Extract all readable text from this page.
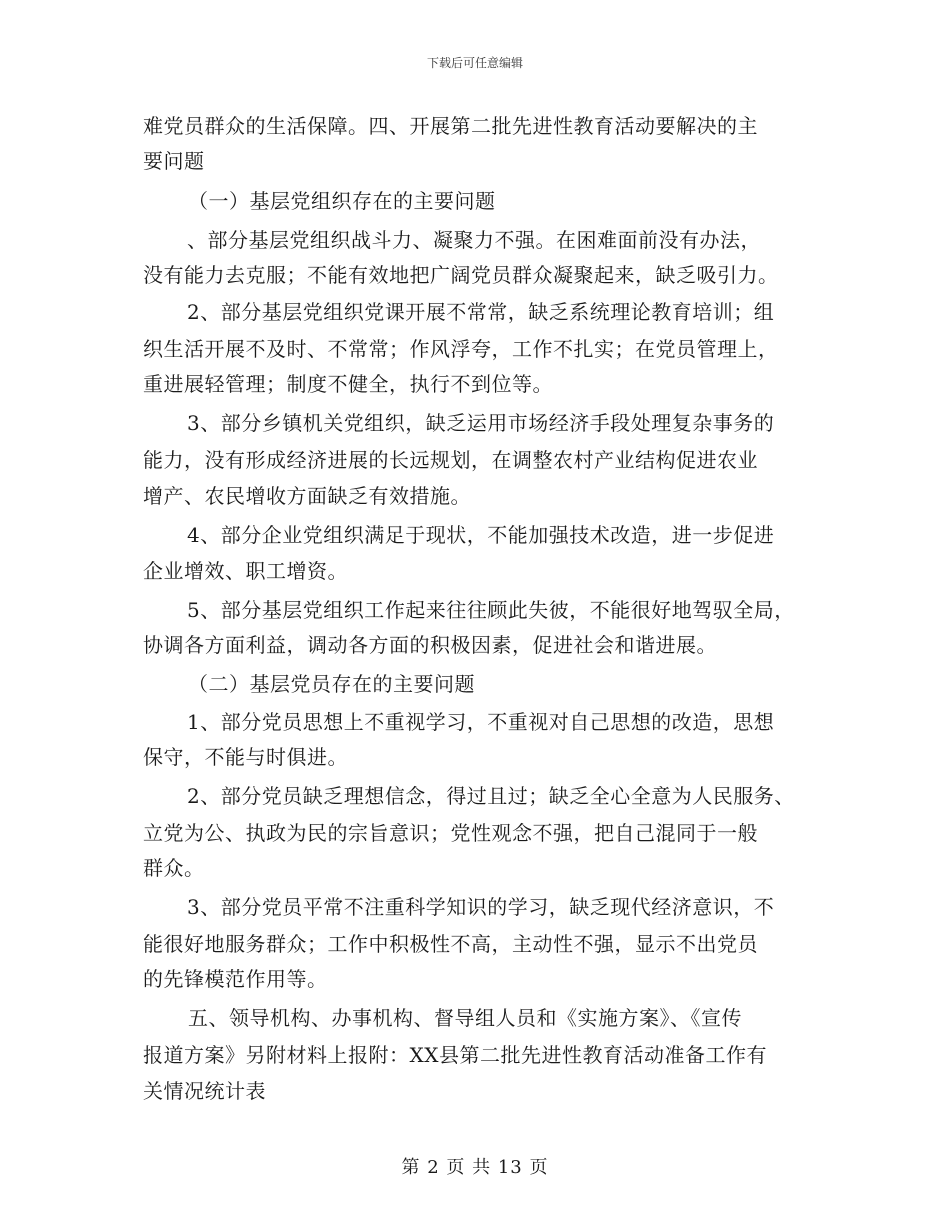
下载后可任意编辑
难党员群众的生活保障。四、开展第二批先进性教育活动要解决的主
要问题
（一）基层党组织存在的主要问题
、部分基层党组织战斗力、凝聚力不强。在困难面前没有办法，
没有能力去克服；不能有效地把广阔党员群众凝聚起来，缺乏吸引力。
2、部分基层党组织党课开展不常常，缺乏系统理论教育培训；组
织生活开展不及时、不常常；作风浮夸，工作不扎实；在党员管理上，
重进展轻管理；制度不健全，执行不到位等。
3、部分乡镇机关党组织，缺乏运用市场经济手段处理复杂事务的
能力，没有形成经济进展的长远规划，在调整农村产业结构促进农业
增产、农民增收方面缺乏有效措施。
4、部分企业党组织满足于现状，不能加强技术改造，进一步促进
企业增效、职工增资。
5、部分基层党组织工作起来往往顾此失彼，不能很好地驾驭全局，
协调各方面利益，调动各方面的积极因素，促进社会和谐进展。
（二）基层党员存在的主要问题
1、部分党员思想上不重视学习，不重视对自己思想的改造，思想
保守，不能与时俱进。
2、部分党员缺乏理想信念，得过且过；缺乏全心全意为人民服务、
立党为公、执政为民的宗旨意识；党性观念不强，把自己混同于一般
群众。
3、部分党员平常不注重科学知识的学习，缺乏现代经济意识，不
能很好地服务群众；工作中积极性不高，主动性不强，显示不出党员
的先锋模范作用等。
五、领导机构、办事机构、督导组人员和《实施方案》、《宣传
报道方案》另附材料上报附：XX县第二批先进性教育活动准备工作有
关情况统计表
第 2 页 共 13 页
